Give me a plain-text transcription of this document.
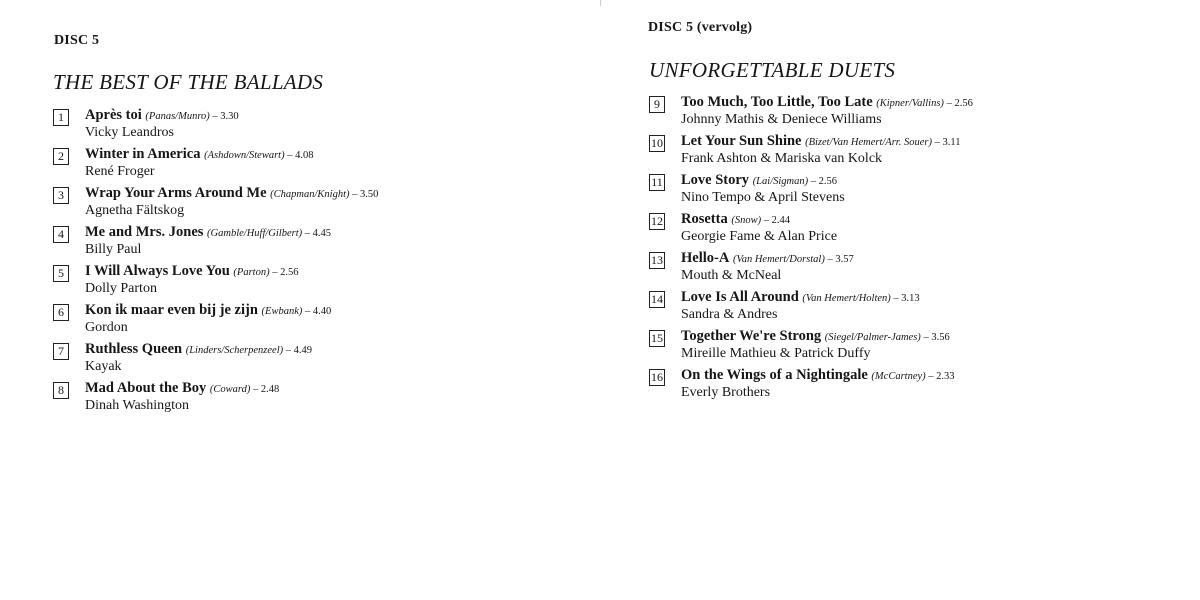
DISC 5
THE BEST OF THE BALLADS
1	Après toi (Panas/Munro) – 3.30
Vicky Leandros
2	Winter in America (Ashdown/Stewart) – 4.08
René Froger
3	Wrap Your Arms Around Me (Chapman/Knight) – 3.50
Agnetha Fältskog
4	Me and Mrs. Jones (Gamble/Huff/Gilbert) – 4.45
Billy Paul
5	I Will Always Love You (Parton) – 2.56
Dolly Parton
6	Kon ik maar even bij je zijn (Ewbank) – 4.40
Gordon
7	Ruthless Queen (Linders/Scherpenzeel) – 4.49
Kayak
8	Mad About the Boy (Coward) – 2.48
Dinah Washington
DISC 5 (vervolg)
UNFORGETTABLE DUETS
9	Too Much, Too Little, Too Late (Kipner/Vallins) – 2.56
Johnny Mathis & Deniece Williams
10 Let Your Sun Shine (Bizet/Van Hemert/Arr. Souer) – 3.11
Frank Ashton & Mariska van Kolck
11 Love Story (Lai/Sigman) – 2.56
Nino Tempo & April Stevens
12 Rosetta (Snow) – 2.44
Georgie Fame & Alan Price
13 Hello-A (Van Hemert/Dorstal) – 3.57
Mouth & McNeal
14 Love Is All Around (Van Hemert/Holten) – 3.13
Sandra & Andres
15 Together We're Strong (Siegel/Palmer-James) – 3.56
Mireille Mathieu & Patrick Duffy
16 On the Wings of a Nightingale (McCartney) – 2.33
Everly Brothers
